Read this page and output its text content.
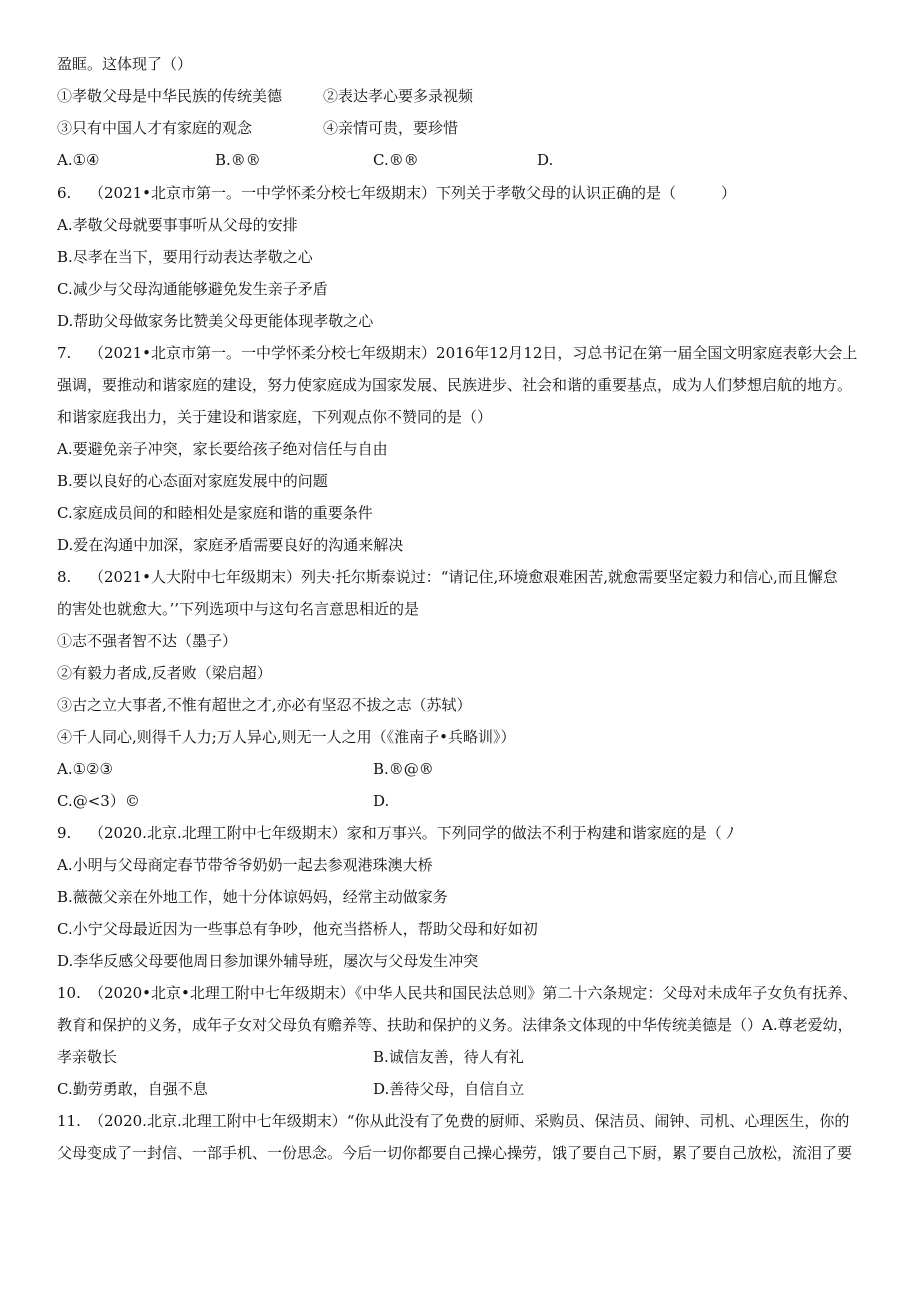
盈眶。这体现了（）
①孝敬父母是中华民族的传统美德	②表达孝心要多录视频
③只有中国人才有家庭的观念	④亲情可贵，要珍惜
A.①④	B.®®	C.®®	D.
6. （2021•北京市第一。一中学怀柔分校七年级期末）下列关于孝敬父母的认识正确的是（　　　）
A.孝敬父母就要事事听从父母的安排
B.尽孝在当下，要用行动表达孝敬之心
C.减少与父母沟通能够避免发生亲子矛盾
D.帮助父母做家务比赞美父母更能体现孝敬之心
7. （2021•北京市第一。一中学怀柔分校七年级期末）2016年12月12日，习总书记在第一届全国文明家庭表彰大会上
强调，要推动和谐家庭的建设，努力使家庭成为国家发展、民族进步、社会和谐的重要基点，成为人们梦想启航的地方。
和谐家庭我出力，关于建设和谐家庭，下列观点你不赞同的是（）
A.要避免亲子冲突，家长要给孩子绝对信任与自由
B.要以良好的心态面对家庭发展中的问题
C.家庭成员间的和睦相处是家庭和谐的重要条件
D.爱在沟通中加深，家庭矛盾需要良好的沟通来解决
8. （2021•人大附中七年级期末）列夫·托尔斯泰说过：“请记住,环境愈艰难困苦,就愈需要坚定毅力和信心,而且懈怠
的害处也就愈大。’’下列选项中与这句名言意思相近的是
①志不强者智不达（墨子）
②有毅力者成,反者败（梁启超）
③古之立大事者,不惟有超世之才,亦必有坚忍不拔之志（苏轼）
④千人同心,则得千人力;万人异心,则无一人之用（《淮南子•兵略训》）
A.①②③	B.®@®
C.@<3）©	D.
9. （2020.北京.北理工附中七年级期末）家和万事兴。下列同学的做法不利于构建和谐家庭的是（ ﾉ
A.小明与父母商定春节带爷爷奶奶一起去参观港珠澳大桥
B.薇薇父亲在外地工作，她十分体谅妈妈，经常主动做家务
C.小宁父母最近因为一些事总有争吵，他充当搭桥人，帮助父母和好如初
D.李华反感父母要他周日参加课外辅导班，屡次与父母发生冲突
10. （2020•北京•北理工附中七年级期末）《中华人民共和国民法总则》第二十六条规定：父母对未成年子女负有抚养、
教育和保护的义务，成年子女对父母负有赡养等、扶助和保护的义务。法律条文体现的中华传统美德是（）A.尊老爱幼，
孝亲敬长	B.诚信友善，待人有礼
C.勤劳勇敢，自强不息	D.善待父母，自信自立
11. （2020.北京.北理工附中七年级期末）“你从此没有了免费的厨师、采购员、保洁员、闹钟、司机、心理医生，你的
父母变成了一封信、一部手机、一份思念。今后一切你都要自己操心操劳，饿了要自己下厨，累了要自己放松，流泪了要
